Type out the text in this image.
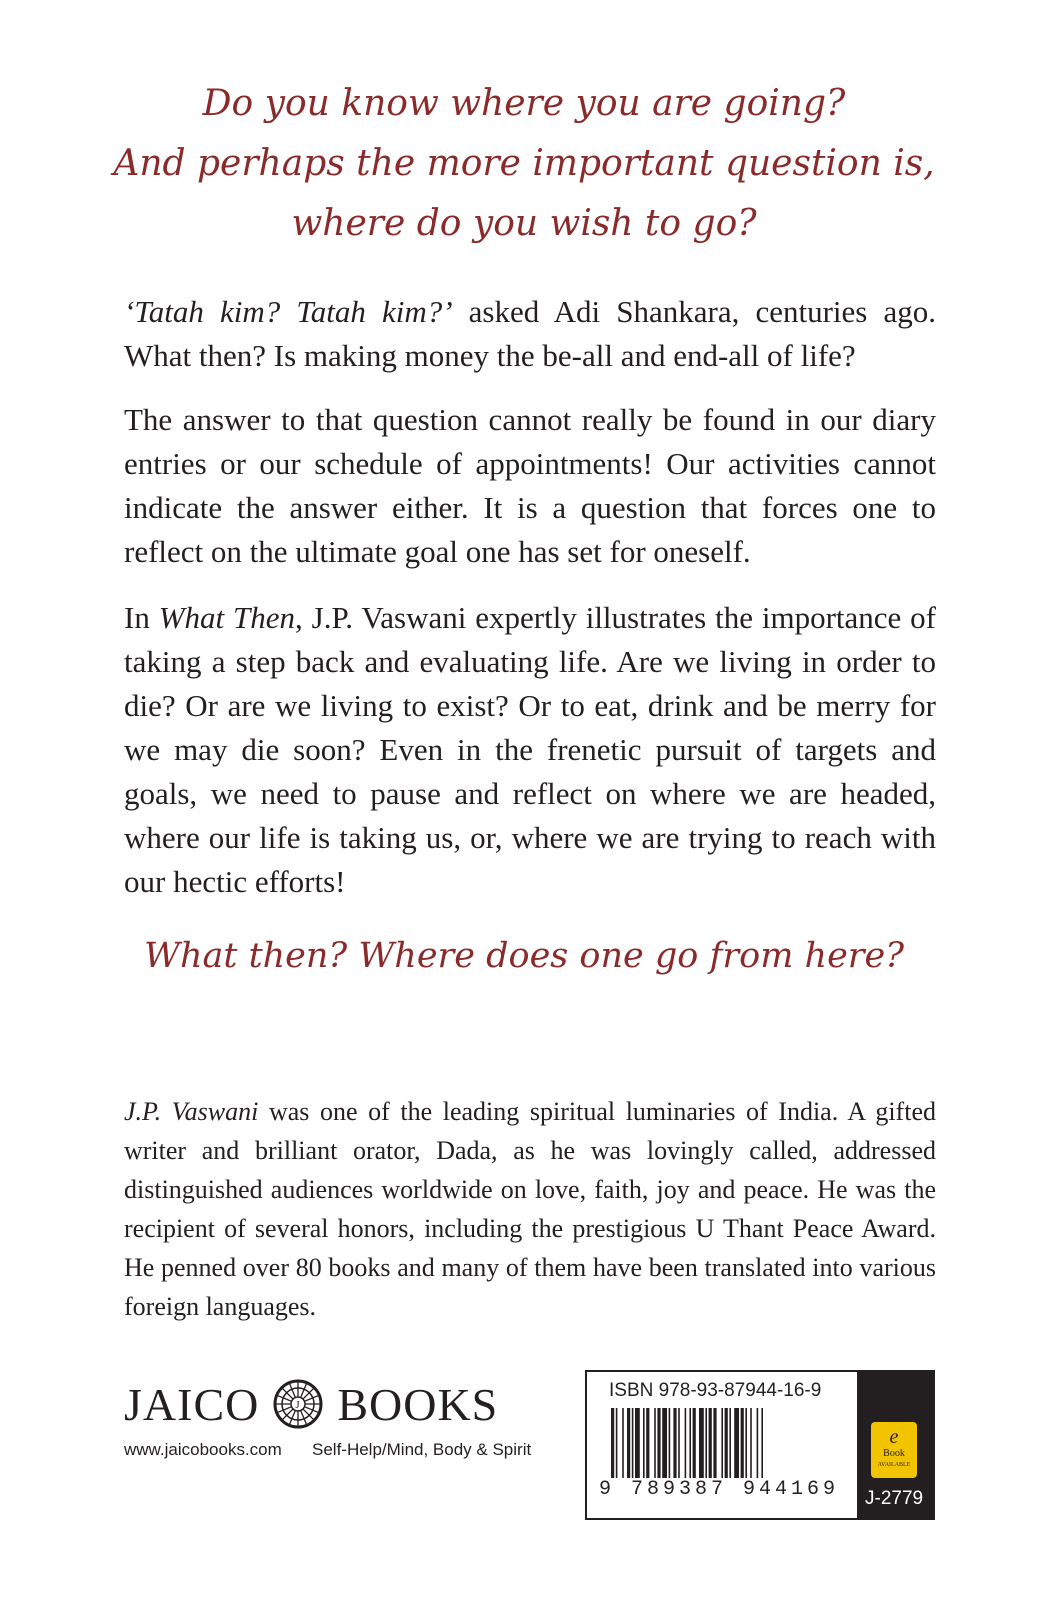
Do you know where you are going?
And perhaps the more important question is,
where do you wish to go?

‘Tatah kim? Tatah kim?’ asked Adi Shankara, centuries ago. What then? Is making money the be-all and end-all of life?

The answer to that question cannot really be found in our diary entries or our schedule of appointments! Our activities cannot indicate the answer either. It is a question that forces one to reflect on the ultimate goal one has set for oneself.

In What Then, J.P. Vaswani expertly illustrates the importance of taking a step back and evaluating life. Are we living in order to die? Or are we living to exist? Or to eat, drink and be merry for we may die soon? Even in the frenetic pursuit of targets and goals, we need to pause and reflect on where we are headed, where our life is taking us, or, where we are trying to reach with our hectic efforts!

What then? Where does one go from here?

J.P. Vaswani was one of the leading spiritual luminaries of India. A gifted writer and brilliant orator, Dada, as he was lovingly called, addressed distinguished audiences worldwide on love, faith, joy and peace. He was the recipient of several honors, including the prestigious U Thant Peace Award. He penned over 80 books and many of them have been translated into various foreign languages.

JAICO	J BOOKS
www.jaicobooks.com Self-Help/Mind, Body & Spirit
ISBN 978-93-87944-16-9
9 789387 944169
e
Book
AVAILABLE
J-2779
